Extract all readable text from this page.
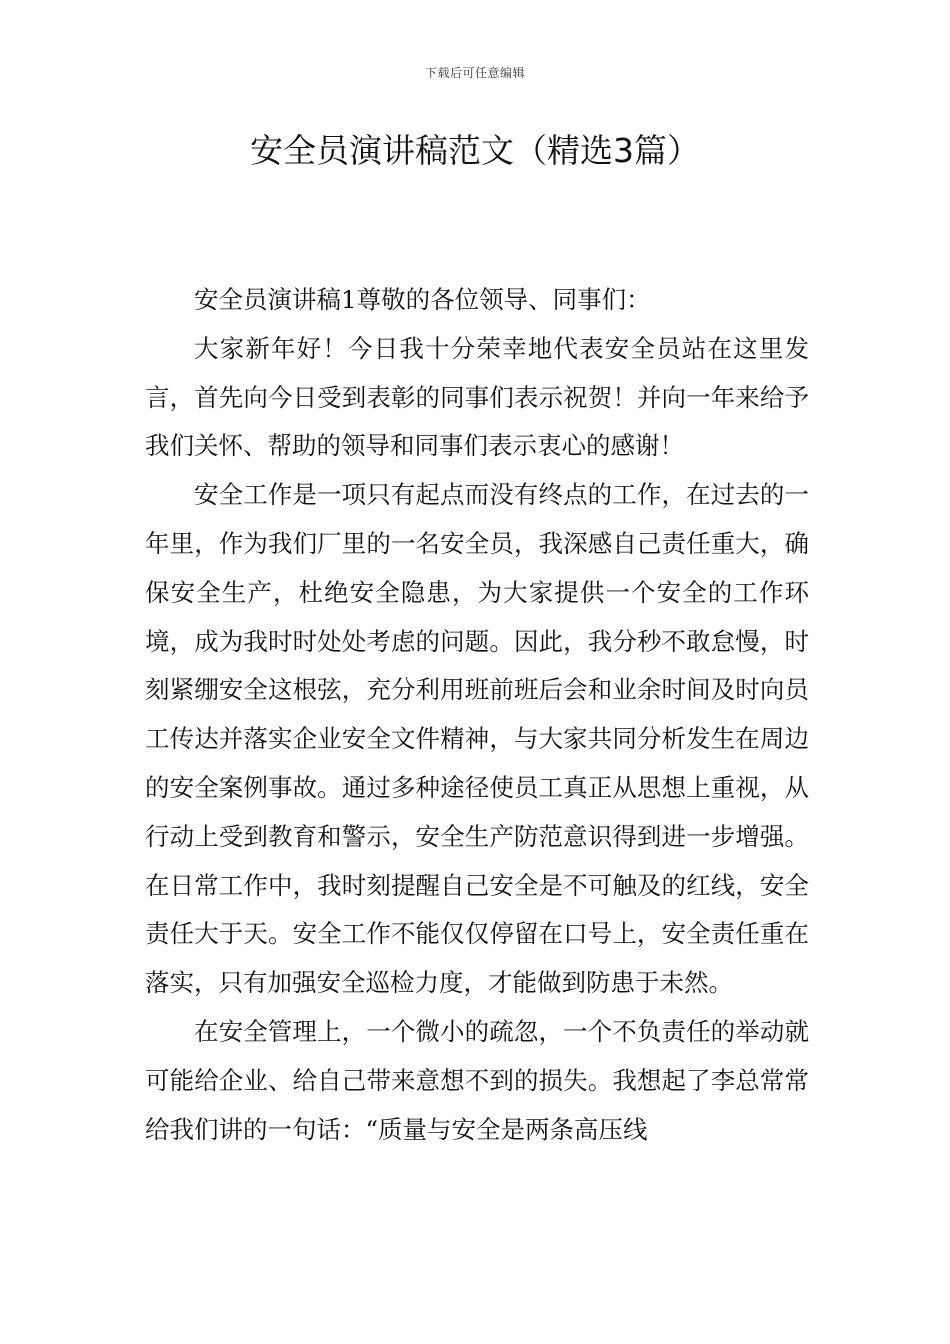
下载后可任意编辑
安全员演讲稿范文（精选3篇）

安全员演讲稿1尊敬的各位领导、同事们：

大家新年好！今日我十分荣幸地代表安全员站在这里发言，首先向今日受到表彰的同事们表示祝贺！并向一年来给予我们关怀、帮助的领导和同事们表示衷心的感谢！

安全工作是一项只有起点而没有终点的工作，在过去的一年里，作为我们厂里的一名安全员，我深感自己责任重大，确保安全生产，杜绝安全隐患，为大家提供一个安全的工作环境，成为我时时处处考虑的问题。因此，我分秒不敢怠慢，时刻紧绷安全这根弦，充分利用班前班后会和业余时间及时向员工传达并落实企业安全文件精神，与大家共同分析发生在周边的安全案例事故。通过多种途径使员工真正从思想上重视，从行动上受到教育和警示，安全生产防范意识得到进一步增强。在日常工作中，我时刻提醒自己安全是不可触及的红线，安全责任大于天。安全工作不能仅仅停留在口号上，安全责任重在落实，只有加强安全巡检力度，才能做到防患于未然。

在安全管理上，一个微小的疏忽，一个不负责任的举动就可能给企业、给自己带来意想不到的损失。我想起了李总常常给我们讲的一句话：“质量与安全是两条高压线
